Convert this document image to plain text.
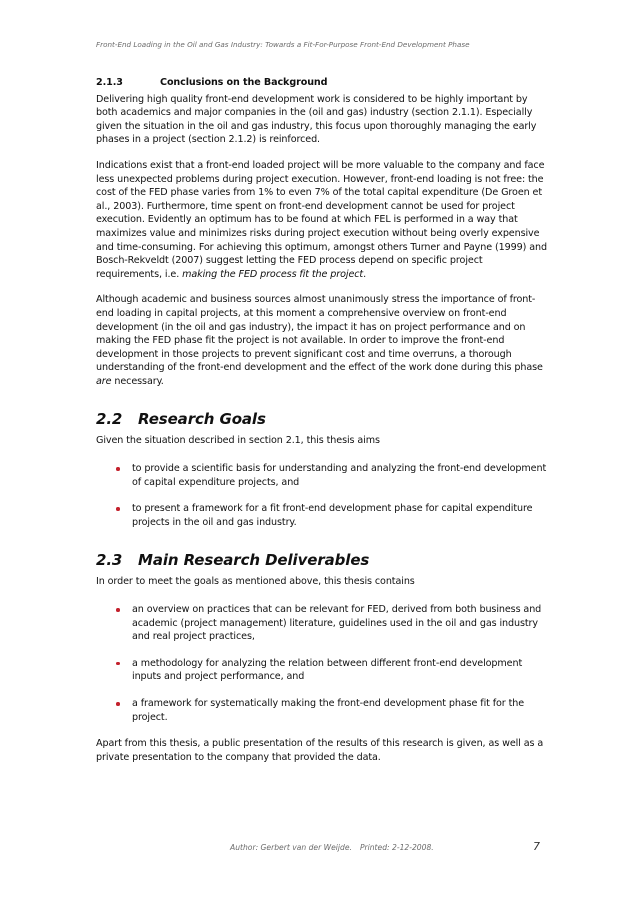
Front-End Loading in the Oil and Gas Industry: Towards a Fit-For-Purpose Front-End Development Phase
2.1.3	Conclusions on the Background

Delivering high quality front-end development work is considered to be highly important by both academics and major companies in the (oil and gas) industry (section 2.1.1). Especially given the situation in the oil and gas industry, this focus upon thoroughly managing the early phases in a project (section 2.1.2) is reinforced.

Indications exist that a front-end loaded project will be more valuable to the company and face less unexpected problems during project execution. However, front-end loading is not free: the cost of the FED phase varies from 1% to even 7% of the total capital expenditure (De Groen et al., 2003). Furthermore, time spent on front-end development cannot be used for project execution. Evidently an optimum has to be found at which FEL is performed in a way that maximizes value and minimizes risks during project execution without being overly expensive and time-consuming. For achieving this optimum, amongst others Turner and Payne (1999) and Bosch-Rekveldt (2007) suggest letting the FED process depend on specific project requirements, i.e. making the FED process fit the project.

Although academic and business sources almost unanimously stress the importance of front-end loading in capital projects, at this moment a comprehensive overview on front-end development (in the oil and gas industry), the impact it has on project performance and on making the FED phase fit the project is not available. In order to improve the front-end development in those projects to prevent significant cost and time overruns, a thorough understanding of the front-end development and the effect of the work done during this phase are necessary.

2.2	Research Goals

Given the situation described in section 2.1, this thesis aims

to provide a scientific basis for understanding and analyzing the front-end development of capital expenditure projects, and
to present a framework for a fit front-end development phase for capital expenditure projects in the oil and gas industry.
2.3	Main Research Deliverables

In order to meet the goals as mentioned above, this thesis contains

an overview on practices that can be relevant for FED, derived from both business and academic (project management) literature, guidelines used in the oil and gas industry and real project practices,
a methodology for analyzing the relation between different front-end development inputs and project performance, and
a framework for systematically making the front-end development phase fit for the project.

Apart from this thesis, a public presentation of the results of this research is given, as well as a private presentation to the company that provided the data.

Author: Gerbert van der Weijde. Printed: 2-12-2008.	7
